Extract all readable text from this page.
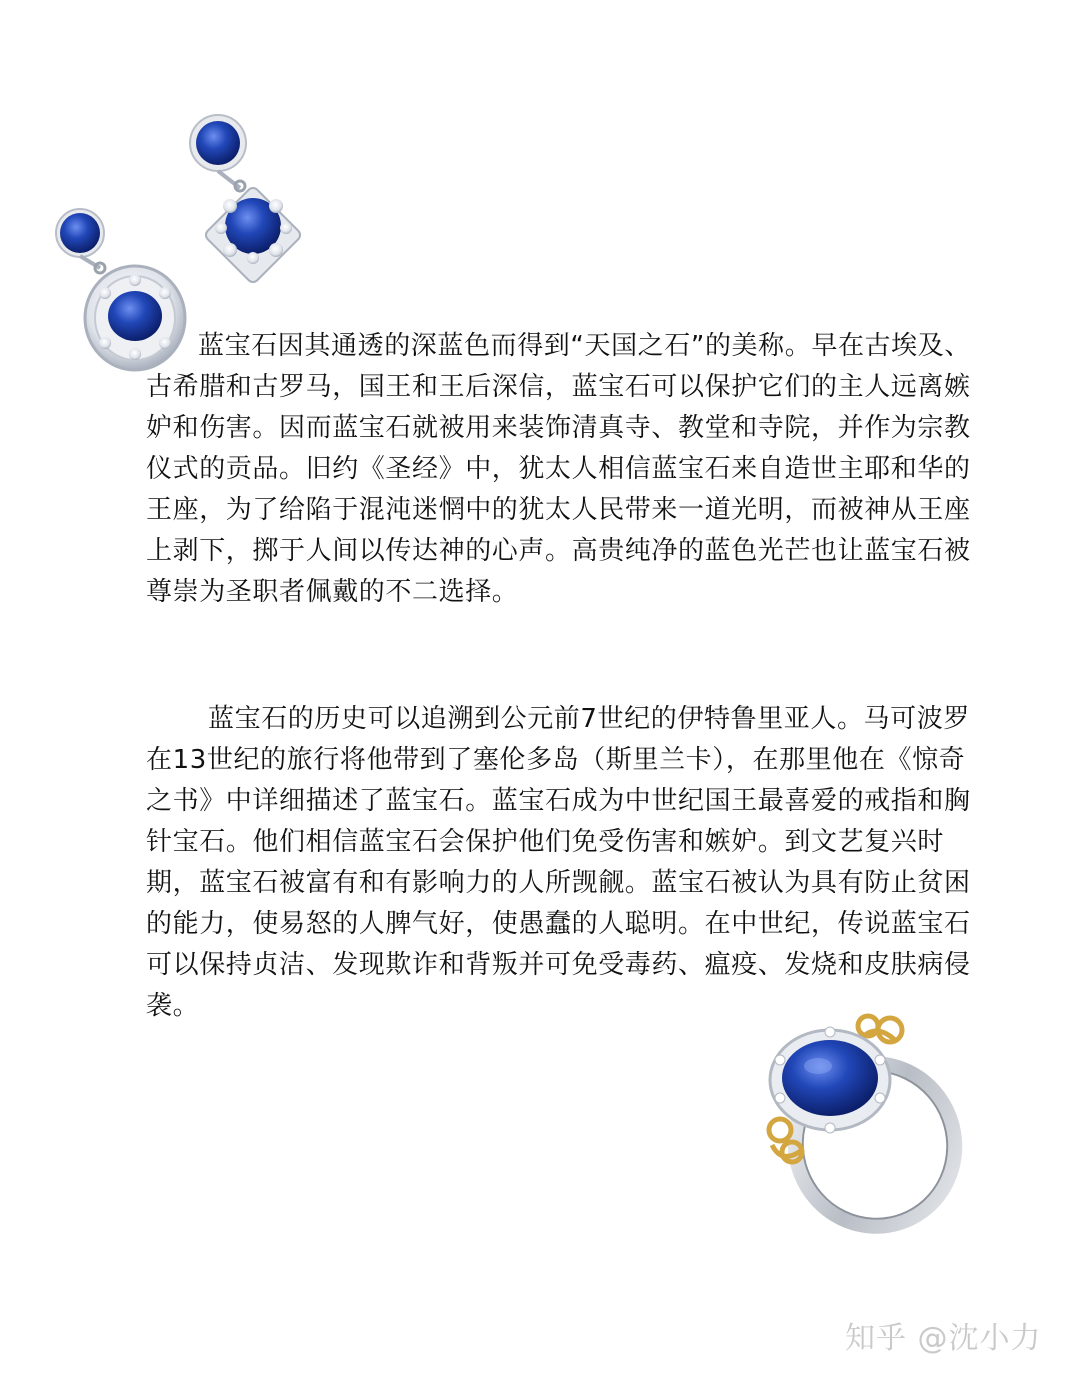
蓝宝石因其通透的深蓝色而得到“天国之石”的美称。早在古埃及、古希腊和古罗马，国王和王后深信，蓝宝石可以保护它们的主人远离嫉妒和伤害。因而蓝宝石就被用来装饰清真寺、教堂和寺院，并作为宗教仪式的贡品。旧约《圣经》中，犹太人相信蓝宝石来自造世主耶和华的王座，为了给陷于混沌迷惘中的犹太人民带来一道光明，而被神从王座上剥下，掷于人间以传达神的心声。高贵纯净的蓝色光芒也让蓝宝石被尊崇为圣职者佩戴的不二选择。

蓝宝石的历史可以追溯到公元前7世纪的伊特鲁里亚人。马可波罗在13世纪的旅行将他带到了塞伦多岛（斯里兰卡），在那里他在《惊奇之书》中详细描述了蓝宝石。蓝宝石成为中世纪国王最喜爱的戒指和胸针宝石。他们相信蓝宝石会保护他们免受伤害和嫉妒。到文艺复兴时期，蓝宝石被富有和有影响力的人所觊觎。蓝宝石被认为具有防止贫困的能力，使易怒的人脾气好，使愚蠢的人聪明。在中世纪，传说蓝宝石可以保持贞洁、发现欺诈和背叛并可免受毒药、瘟疫、发烧和皮肤病侵袭。

知乎 @沈小力
